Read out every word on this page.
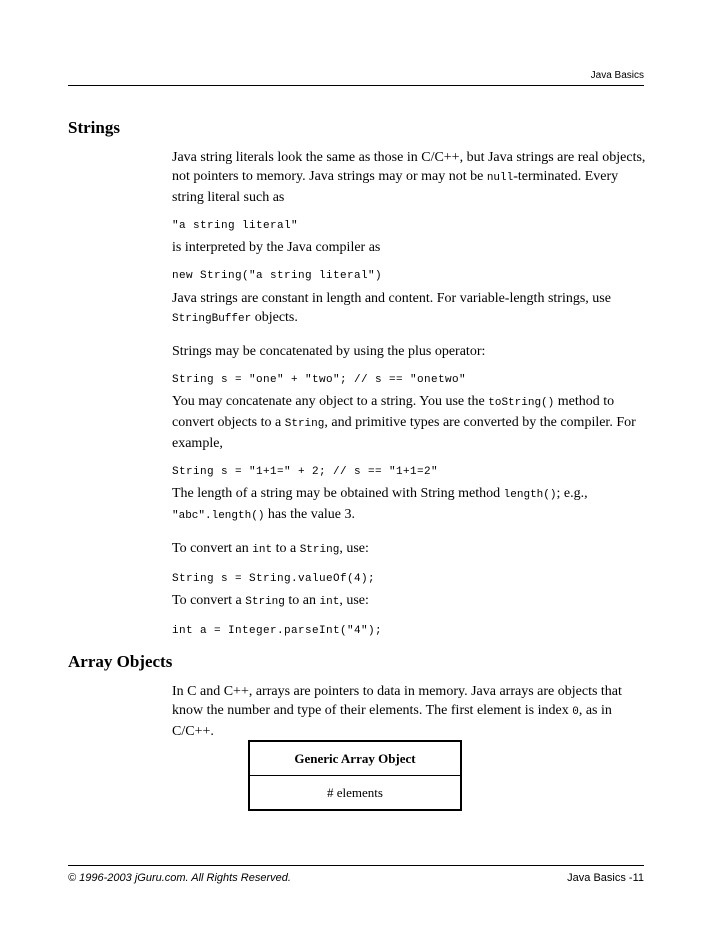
Java Basics
Strings

Java string literals look the same as those in C/C++, but Java strings are real objects, not pointers to memory. Java strings may or may not be null-terminated. Every string literal such as

"a string literal"

is interpreted by the Java compiler as

new String("a string literal")

Java strings are constant in length and content. For variable-length strings, use StringBuffer objects.

Strings may be concatenated by using the plus operator:

String s = "one" + "two"; // s == "onetwo"

You may concatenate any object to a string. You use the toString() method to convert objects to a String, and primitive types are converted by the compiler. For example,

String s = "1+1=" + 2; // s == "1+1=2"

The length of a string may be obtained with String method length(); e.g., "abc".length() has the value 3.

To convert an int to a String, use:

String s = String.valueOf(4);

To convert a String to an int, use:

int a = Integer.parseInt("4");
Array Objects

In C and C++, arrays are pointers to data in memory. Java arrays are objects that know the number and type of their elements. The first element is index 0, as in C/C++.

Generic Array Object
# elements
© 1996-2003 jGuru.com. All Rights Reserved.	Java Basics -11
